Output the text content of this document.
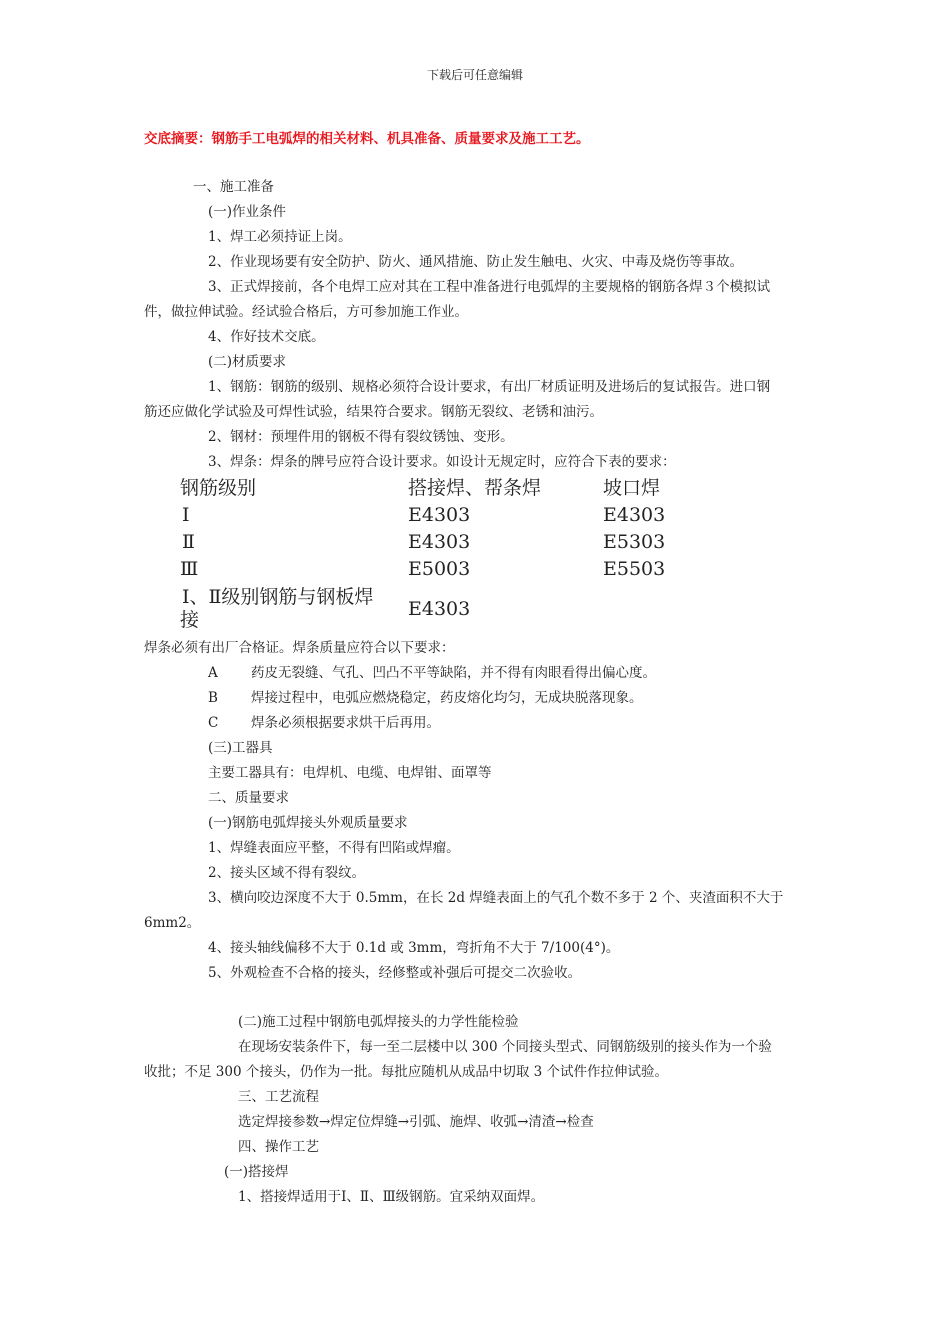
下载后可任意编辑
交底摘要：钢筋手工电弧焊的相关材料、机具准备、质量要求及施工工艺。
一、施工准备
(一)作业条件
1、焊工必须持证上岗。
2、作业现场要有安全防护、防火、通风措施、防止发生触电、火灾、中毒及烧伤等事故。
3、正式焊接前，各个电焊工应对其在工程中准备进行电弧焊的主要规格的钢筋各焊３个模拟试
件，做拉伸试验。经试验合格后，方可参加施工作业。
4、作好技术交底。
(二)材质要求
1、钢筋：钢筋的级别、规格必须符合设计要求，有出厂材质证明及进场后的复试报告。进口钢
筋还应做化学试验及可焊性试验，结果符合要求。钢筋无裂纹、老锈和油污。
2、钢材：预埋件用的钢板不得有裂纹锈蚀、变形。
3、焊条：焊条的牌号应符合设计要求。如设计无规定时，应符合下表的要求：
钢筋级别	搭接焊、帮条焊	坡口焊
Ⅰ	E4303	E4303
Ⅱ	E4303	E5303
Ⅲ	E5003	E5503
Ⅰ、Ⅱ级别钢筋与钢板焊
接	E4303
焊条必须有出厂合格证。焊条质量应符合以下要求：
A 药皮无裂缝、气孔、凹凸不平等缺陷，并不得有肉眼看得出偏心度。
B 焊接过程中，电弧应燃烧稳定，药皮熔化均匀，无成块脱落现象。
C 焊条必须根据要求烘干后再用。
(三)工器具
主要工器具有：电焊机、电缆、电焊钳、面罩等
二、质量要求
(一)钢筋电弧焊接头外观质量要求
1、焊缝表面应平整，不得有凹陷或焊瘤。
2、接头区域不得有裂纹。
3、横向咬边深度不大于 0.5mm，在长 2d 焊缝表面上的气孔个数不多于 2 个、夹渣面积不大于
6mm2。
4、接头轴线偏移不大于 0.1d 或 3mm，弯折角不大于 7/100(4°)。
5、外观检查不合格的接头，经修整或补强后可提交二次验收。
(二)施工过程中钢筋电弧焊接头的力学性能检验
在现场安装条件下，每一至二层楼中以 300 个同接头型式、同钢筋级别的接头作为一个验
收批；不足 300 个接头，仍作为一批。每批应随机从成品中切取 3 个试件作拉伸试验。
三、工艺流程
选定焊接参数→焊定位焊缝→引弧、施焊、收弧→清渣→检查
四、操作工艺
(一)搭接焊
1、搭接焊适用于Ⅰ、Ⅱ、Ⅲ级钢筋。宜采纳双面焊。
